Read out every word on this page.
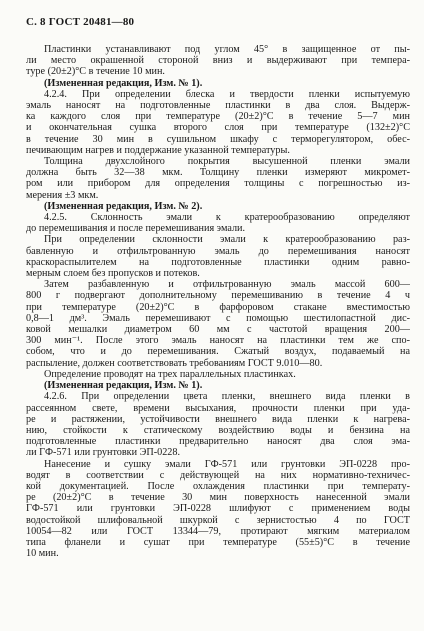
С. 8 ГОСТ 20481—80
Пластинки устанавливают под углом 45° в защищенное от пы-
ли место окрашенной стороной вниз и выдерживают при темпера-
туре (20±2)°С в течение 10 мин.
(Измененная редакция, Изм. № 1).
4.2.4. При определении блеска и твердости пленки испытуемую
эмаль наносят на подготовленные пластинки в два слоя. Выдерж-
ка каждого слоя при температуре (20±2)°С в течение 5—7 мин
и окончательная сушка второго слоя при температуре (132±2)°С
в течение 30 мин в сушильном шкафу с терморегулятором, обес-
печивающим нагрев и поддержание указанной температуры.
Толщина двухслойного покрытия высушенной пленки эмали
должна быть 32—38 мкм. Толщину пленки измеряют микромет-
ром или прибором для определения толщины с погрешностью из-
мерения ±3 мкм.
(Измененная редакция, Изм. № 2).
4.2.5. Склонность эмали к кратерообразованию определяют
до перемешивания и после перемешивания эмали.
При определении склонности эмали к кратерообразованию раз-
бавленную и отфильтрованную эмаль до перемешивания наносят
краскораспылителем на подготовленные пластинки одним равно-
мерным слоем без пропусков и потеков.
Затем разбавленную и отфильтрованную эмаль массой 600—
800 г подвергают дополнительному перемешиванию в течение 4 ч
при температуре (20±2)°С в фарфоровом стакане вместимостью
0,8—1 дм³. Эмаль перемешивают с помощью шестилопастной дис-
ковой мешалки диаметром 60 мм с частотой вращения 200—
300 мин⁻¹. После этого эмаль наносят на пластинки тем же спо-
собом, что и до перемешивания. Сжатый воздух, подаваемый на
распыление, должен соответствовать требованиям ГОСТ 9.010—80.
Определение проводят на трех параллельных пластинках.
(Измененная редакция, Изм. № 1).
4.2.6. При определении цвета пленки, внешнего вида пленки в
рассеянном свете, времени высыхания, прочности пленки при уда-
ре и растяжении, устойчивости внешнего вида пленки к нагрева-
нию, стойкости к статическому воздействию воды и бензина на
подготовленные пластинки предварительно наносят два слоя эма-
ли ГФ-571 или грунтовки ЭП-0228.
Нанесение и сушку эмали ГФ-571 или грунтовки ЭП-0228 про-
водят в соответствии с действующей на них нормативно-техничес-
кой документацией. После охлаждения пластинки при температу-
ре (20±2)°С в течение 30 мин поверхность нанесенной эмали
ГФ-571 или грунтовки ЭП-0228 шлифуют с применением воды
водостойкой шлифовальной шкуркой с зернистостью 4 по ГОСТ
10054—82 или ГОСТ 13344—79, протирают мягким материалом
типа фланели и сушат при температуре (55±5)°С в течение
10 мин.
